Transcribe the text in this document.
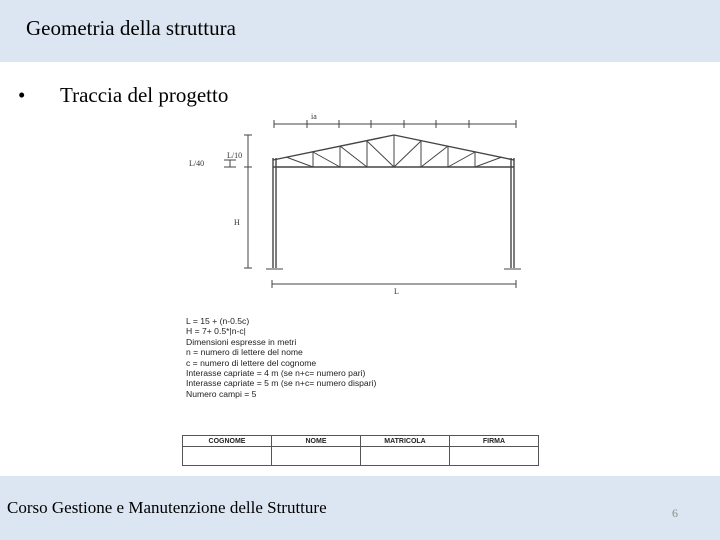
Geometria della struttura
• Traccia del progetto
ia
L/40
L/10
H
L
L = 15 + (n-0.5c)
H = 7+ 0.5*|n-c|
Dimensioni espresse in metri
n = numero di lettere del nome
c = numero di lettere del cognome
Interasse capriate = 4 m (se n+c= numero pari)
Interasse capriate = 5 m (se n+c= numero dispari)
Numero campi = 5
COGNOME	NOME	MATRICOLA	FIRMA

Corso Gestione e Manutenzione delle Strutture	6
